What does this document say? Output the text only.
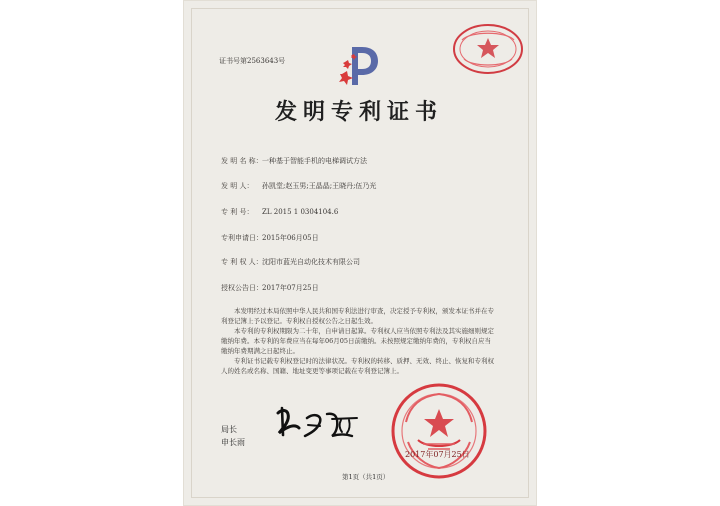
证书号第2563643号
发明专利证书
发 明 名 称： 一种基于智能手机的电梯调试方法
发 明 人： 孙凯堂;赵玉男;王晶晶;王晓丹;伍乃光
专 利 号： ZL 2015 1 0304104.6
专利申请日： 2015年06月05日
专 利 权 人： 沈阳市蓝光自动化技术有限公司
授权公告日： 2017年07月25日

本发明经过本局依照中华人民共和国专利法进行审查，决定授予专利权，颁发本证书并在专利登记簿上予以登记。专利权自授权公告之日起生效。

本专利的专利权期限为二十年，自申请日起算。专利权人应当依照专利法及其实施细则规定缴纳年费。本专利的年费应当在每年06月05日前缴纳。未按照规定缴纳年费的，专利权自应当缴纳年费期满之日起终止。

专利证书记载专利权登记时的法律状况。专利权的转移、质押、无效、终止、恢复和专利权人的姓名或名称、国籍、地址变更等事项记载在专利登记簿上。

局长
申长雨
2017年07月25日
第1页（共1页）
